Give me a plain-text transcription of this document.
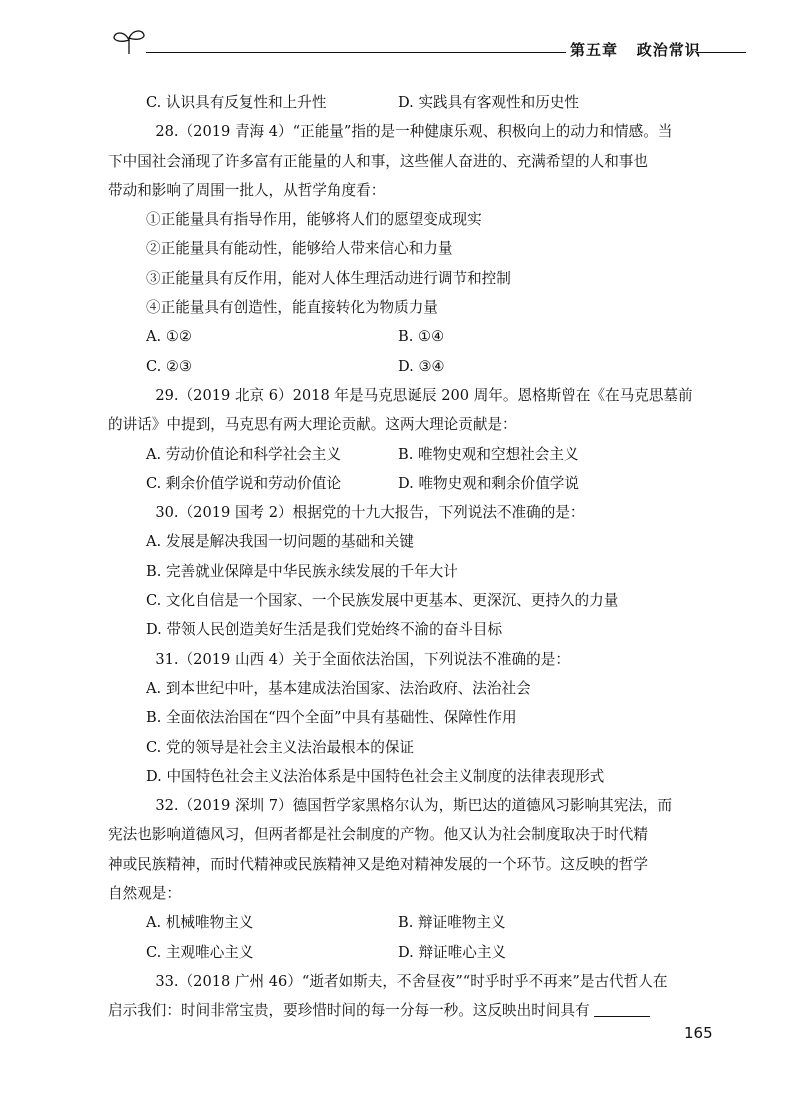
第五章 政治常识
C. 认识具有反复性和上升性	D. 实践具有客观性和历史性
28.（2019 青海 4）“正能量”指的是一种健康乐观、积极向上的动力和情感。当
下中国社会涌现了许多富有正能量的人和事，这些催人奋进的、充满希望的人和事也
带动和影响了周围一批人，从哲学角度看：
①正能量具有指导作用，能够将人们的愿望变成现实
②正能量具有能动性，能够给人带来信心和力量
③正能量具有反作用，能对人体生理活动进行调节和控制
④正能量具有创造性，能直接转化为物质力量
A. ①②	B. ①④
C. ②③	D. ③④
29.（2019 北京 6）2018 年是马克思诞辰 200 周年。恩格斯曾在《在马克思墓前
的讲话》中提到，马克思有两大理论贡献。这两大理论贡献是：
A. 劳动价值论和科学社会主义	B. 唯物史观和空想社会主义
C. 剩余价值学说和劳动价值论	D. 唯物史观和剩余价值学说
30.（2019 国考 2）根据党的十九大报告，下列说法不准确的是：
A. 发展是解决我国一切问题的基础和关键
B. 完善就业保障是中华民族永续发展的千年大计
C. 文化自信是一个国家、一个民族发展中更基本、更深沉、更持久的力量
D. 带领人民创造美好生活是我们党始终不渝的奋斗目标
31.（2019 山西 4）关于全面依法治国，下列说法不准确的是：
A. 到本世纪中叶，基本建成法治国家、法治政府、法治社会
B. 全面依法治国在“四个全面”中具有基础性、保障性作用
C. 党的领导是社会主义法治最根本的保证
D. 中国特色社会主义法治体系是中国特色社会主义制度的法律表现形式
32.（2019 深圳 7）德国哲学家黑格尔认为，斯巴达的道德风习影响其宪法，而
宪法也影响道德风习，但两者都是社会制度的产物。他又认为社会制度取决于时代精
神或民族精神，而时代精神或民族精神又是绝对精神发展的一个环节。这反映的哲学
自然观是：
A. 机械唯物主义	B. 辩证唯物主义
C. 主观唯心主义	D. 辩证唯心主义
33.（2018 广州 46）“逝者如斯夫，不舍昼夜”“时乎时乎不再来”是古代哲人在
启示我们：时间非常宝贵，要珍惜时间的每一分每一秒。这反映出时间具有
165
